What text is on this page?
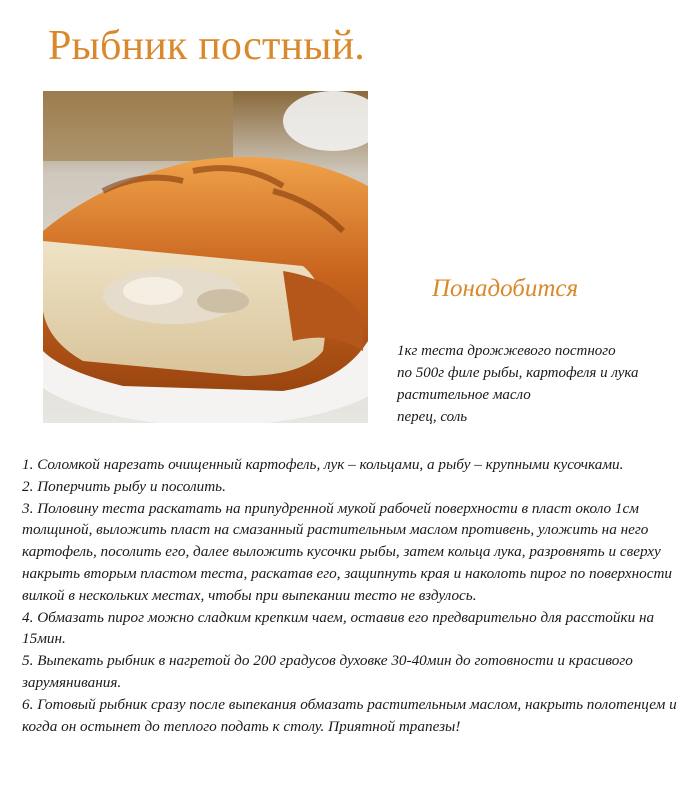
Рыбник постный.
Понадобится
1кг теста дрожжевого постного
по 500г филе рыбы, картофеля и лука
растительное масло
перец, соль
1. Соломкой нарезать очищенный картофель, лук – кольцами, а рыбу – крупными кусочками.
2. Поперчить рыбу и посолить.
3. Половину теста раскатать на припудренной мукой рабочей поверхности в пласт около 1см толщиной, выложить пласт на смазанный растительным маслом противень, уложить на него картофель, посолить его, далее выложить кусочки рыбы, затем кольца лука, разровнять и сверху накрыть вторым пластом теста, раскатав его, защипнуть края и наколоть пирог по поверхности вилкой в нескольких местах, чтобы при выпекании тесто не вздулось.
4. Обмазать пирог можно сладким крепким чаем, оставив его предварительно для расстойки на 15мин.
5. Выпекать рыбник в нагретой до 200 градусов духовке 30-40мин до готовности и красивого зарумянивания.
6. Готовый рыбник сразу после выпекания обмазать растительным маслом, накрыть полотенцем и когда он остынет до теплого подать к столу. Приятной трапезы!
